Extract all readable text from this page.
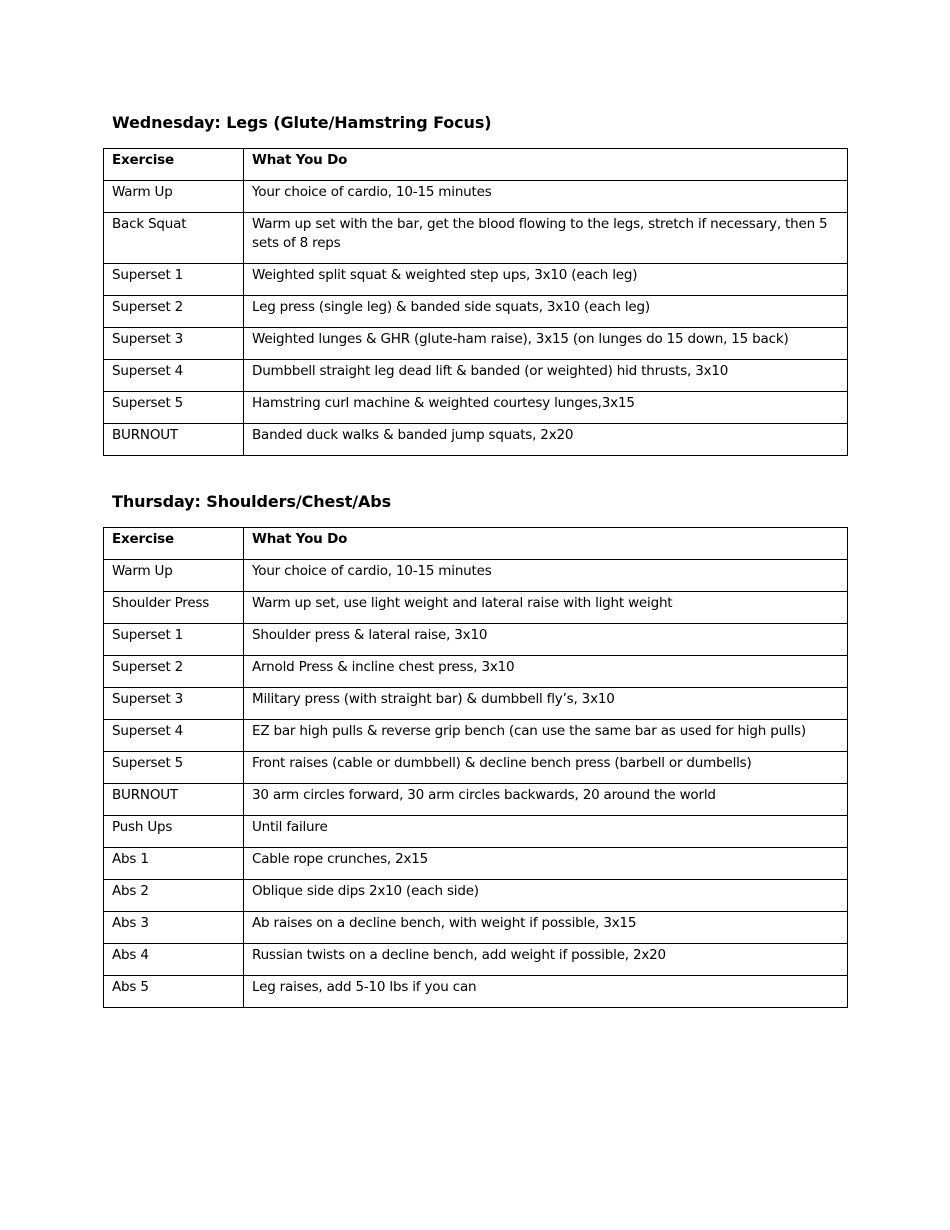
Wednesday: Legs (Glute/Hamstring Focus)
Exercise	What You Do
Warm Up	Your choice of cardio, 10-15 minutes
Back Squat	Warm up set with the bar, get the blood flowing to the legs, stretch if necessary, then 5 sets of 8 reps
Superset 1	Weighted split squat & weighted step ups, 3x10 (each leg)
Superset 2	Leg press (single leg) & banded side squats, 3x10 (each leg)
Superset 3	Weighted lunges & GHR (glute-ham raise), 3x15 (on lunges do 15 down, 15 back)
Superset 4	Dumbbell straight leg dead lift & banded (or weighted) hid thrusts, 3x10
Superset 5	Hamstring curl machine & weighted courtesy lunges,3x15
BURNOUT	Banded duck walks & banded jump squats, 2x20
Thursday: Shoulders/Chest/Abs
Exercise	What You Do
Warm Up	Your choice of cardio, 10-15 minutes
Shoulder Press	Warm up set, use light weight and lateral raise with light weight
Superset 1	Shoulder press & lateral raise, 3x10
Superset 2	Arnold Press & incline chest press, 3x10
Superset 3	Military press (with straight bar) & dumbbell fly’s, 3x10
Superset 4	EZ bar high pulls & reverse grip bench (can use the same bar as used for high pulls)
Superset 5	Front raises (cable or dumbbell) & decline bench press (barbell or dumbells)
BURNOUT	30 arm circles forward, 30 arm circles backwards, 20 around the world
Push Ups	Until failure
Abs 1	Cable rope crunches, 2x15
Abs 2	Oblique side dips 2x10 (each side)
Abs 3	Ab raises on a decline bench, with weight if possible, 3x15
Abs 4	Russian twists on a decline bench, add weight if possible, 2x20
Abs 5	Leg raises, add 5-10 lbs if you can
